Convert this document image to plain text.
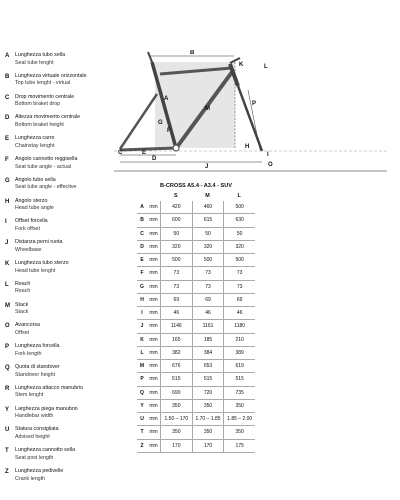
A	Lunghezza tubo sella
Seat tube lenght
B	Lunghezza virtuale orizzontale
Top tube lenght - virtual
C	Drop movimento centrale
Bottom braket drop
D	Altezza movimento centrale
Bottom braket height
E	Lunghezza carro
Chainstay lenght
F	Angolo cannotto reggisella
Seat tube angle - actual
G	Angolo tubo sella
Seat tube angle - effective
H	Angolo sterzo
Head tube angle
I	Offset forcella
Fork offset
J	Distanza perni ruota
Wheelbase
K	Lunghezza tubo sterzo
Head tube lenght
L	Reach
Reach
M Stack
Stack
O	Avancorsa
Offset
P	Lunghezza forcella
Fork length
Q	Quota di standover
Standover height
R	Lunghezza attacco manubrio
Stem lenght
Y	Larghezza piega manubrio
Handlebar width
U	Statura consigliata
Advised height
T	Lunghezza cannotto sella
Seat post length
Z	Lunghezza pedivelle
Crank length
B
K	L
M
P
A
H
F
G
D
C	E
J
I
O
B-CROSS A5.4 - A3.4 - SUV
S	M	L
A	mm	420	460	500
B	mm	600	615	630
C	mm	50	50	50
D	mm	320	320	320
E	mm	500	500	500
F	mm	73	73	73
G	mm	73	73	73
H	mm	69	69	69
I	mm	46	46	46
J	mm	1146	1161	1180
K	mm	165	185	210
L	mm	382	384	389
M	mm	676	653	619
P	mm	515	515	515
Q	mm	690	720	735
Y	mm	350	350	350
U	mm	1.50 – 170	1.70 – 1.85	1.85 – 2.00
T	mm	350	350	350
Z	mm	170	170	175
